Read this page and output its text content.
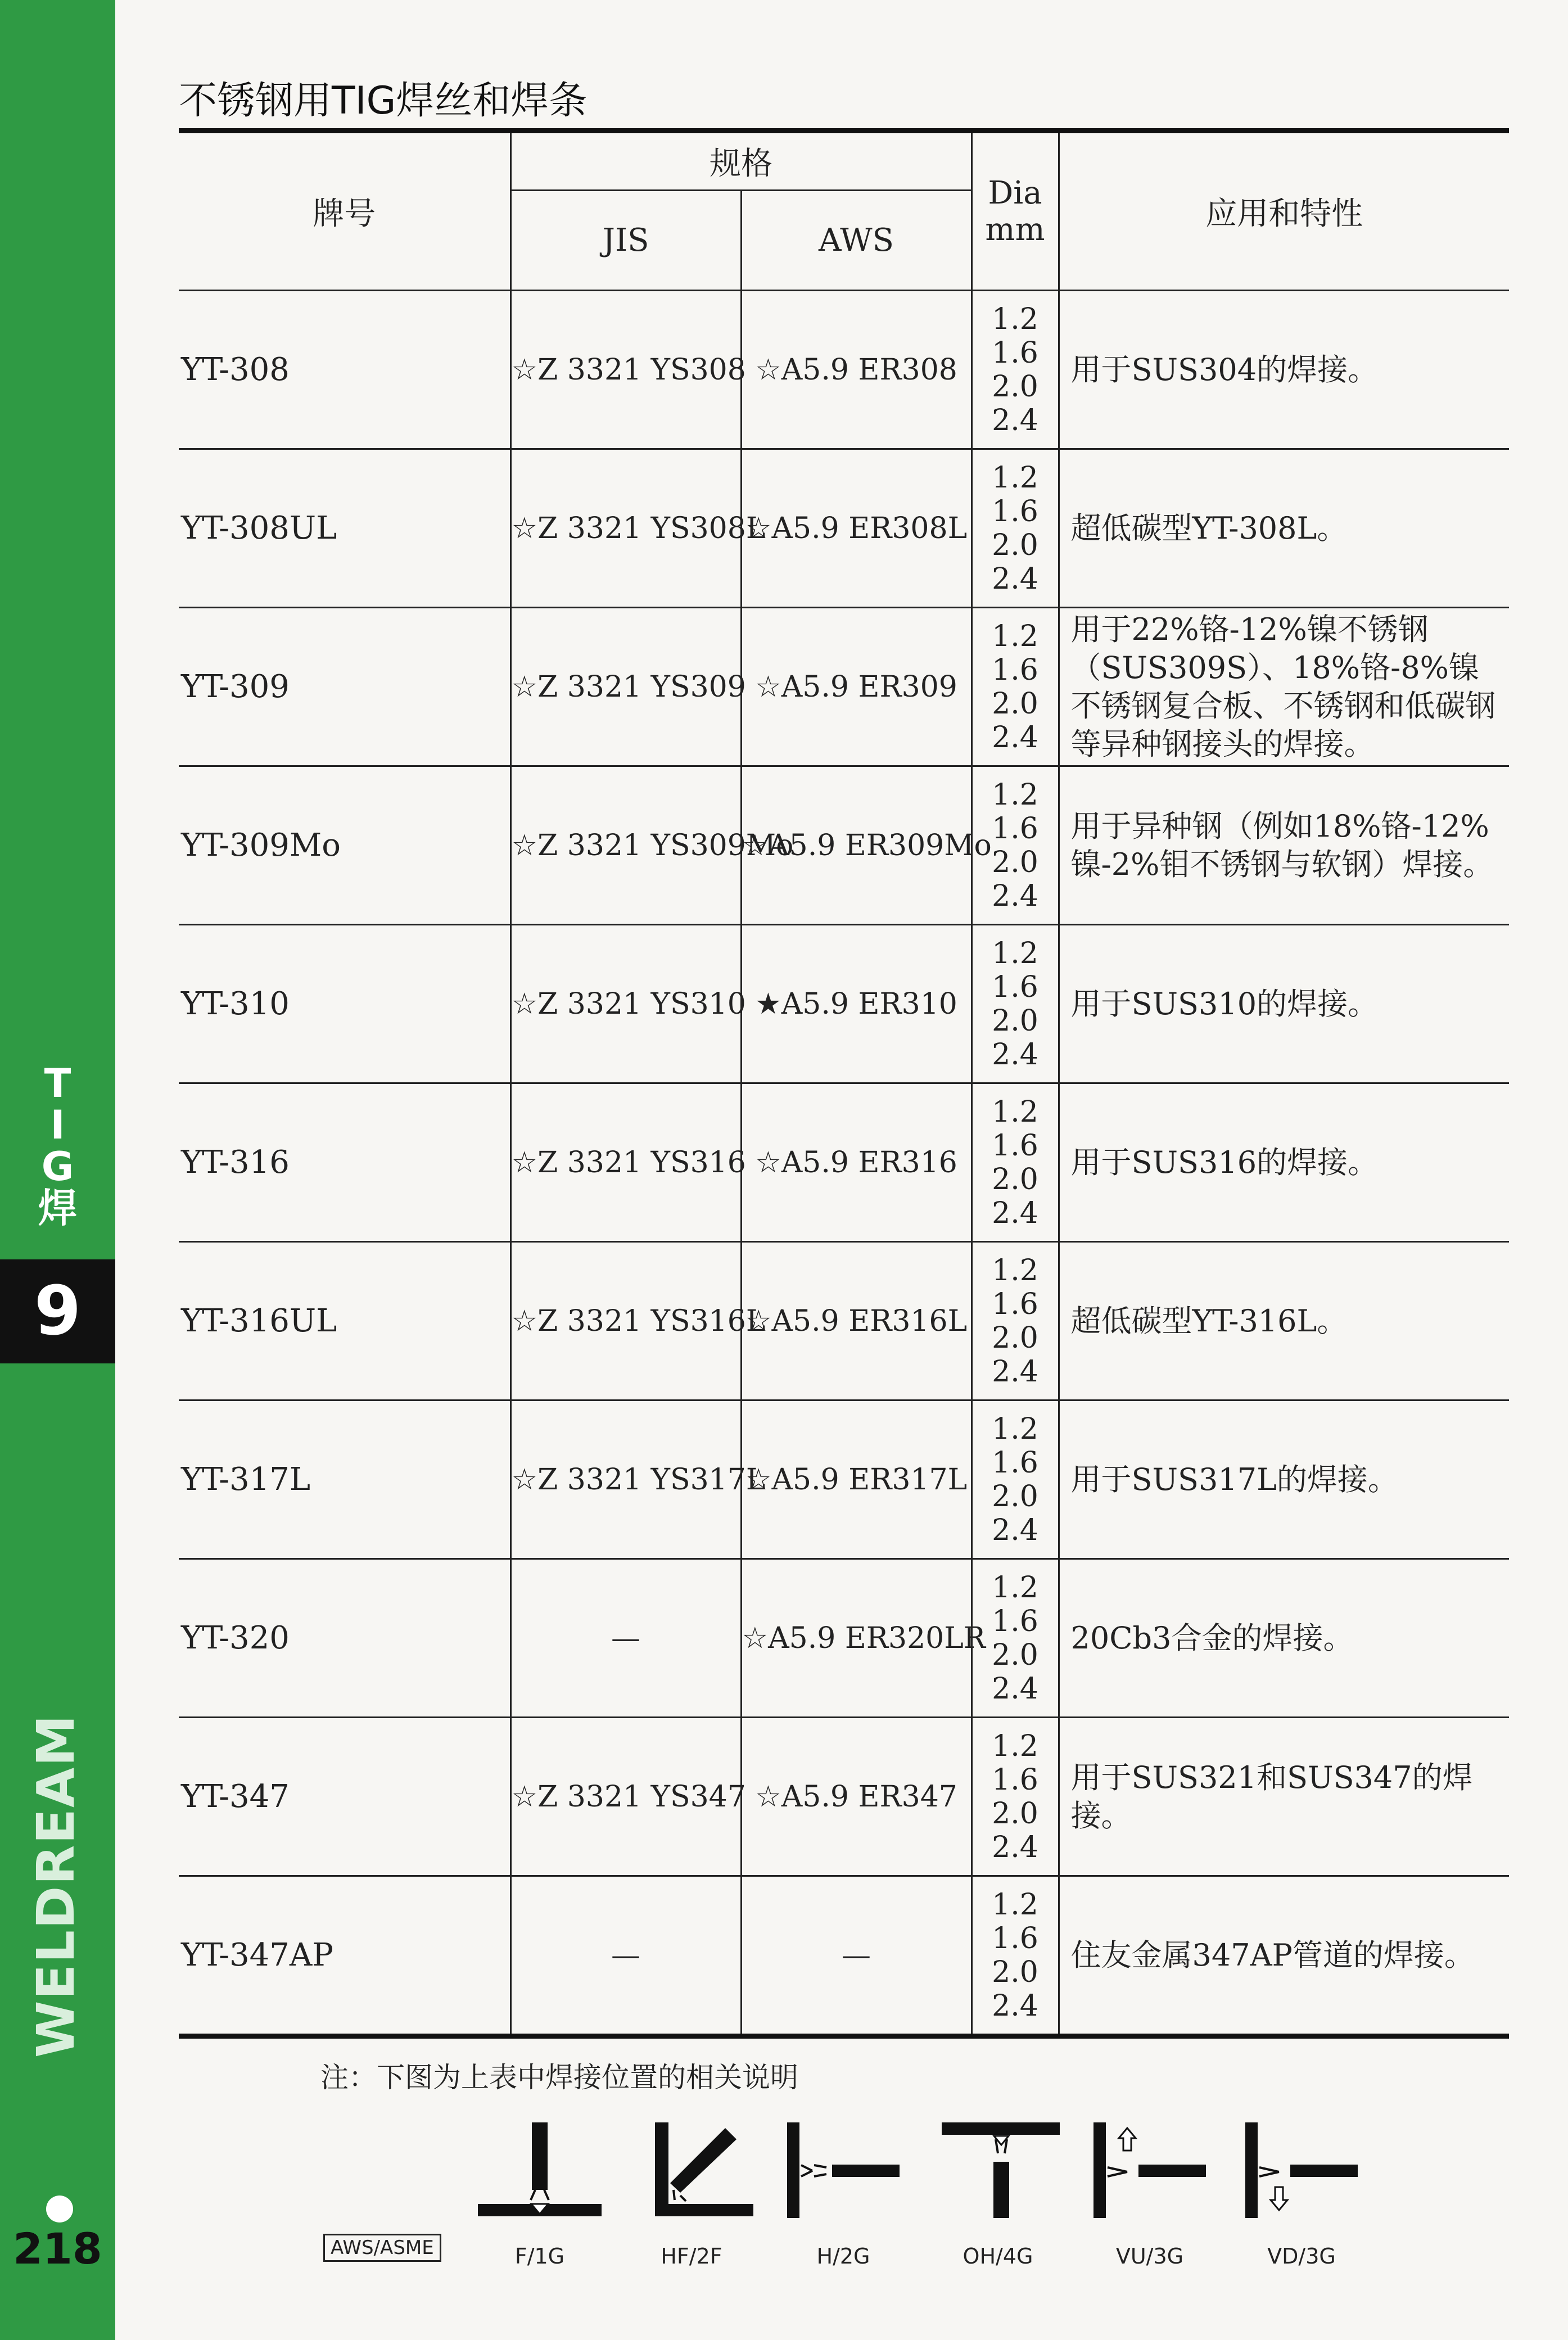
T
I
G
焊
9
WELDREAM
218
不锈钢用TIG焊丝和焊条
牌号	规格		Dia
mm	应用和特性
	JIS	AWS		
YT-308	☆Z 3321 YS308	☆A5.9 ER308	1.2 1.6 2.0 2.4	用于SUS304的焊接。
YT-308UL	☆Z 3321 YS308L	☆A5.9 ER308L	1.2 1.6 2.0 2.4	超低碳型YT-308L。
YT-309	☆Z 3321 YS309	☆A5.9 ER309	1.2 1.6 2.0 2.4	用于22%铬-12%镍不锈钢（SUS309S）、18%铬-8%镍不锈钢复合板、不锈钢和低碳钢等异种钢接头的焊接。
YT-309Mo	☆Z 3321 YS309Mo	☆A5.9 ER309Mo	1.2 1.6 2.0 2.4	用于异种钢（例如18%铬-12%镍-2%钼不锈钢与软钢）焊接。
YT-310	☆Z 3321 YS310	★A5.9 ER310	1.2 1.6 2.0 2.4	用于SUS310的焊接。
YT-316	☆Z 3321 YS316	☆A5.9 ER316	1.2 1.6 2.0 2.4	用于SUS316的焊接。
YT-316UL	☆Z 3321 YS316L	☆A5.9 ER316L	1.2 1.6 2.0 2.4	超低碳型YT-316L。
YT-317L	☆Z 3321 YS317L	☆A5.9 ER317L	1.2 1.6 2.0 2.4	用于SUS317L的焊接。
YT-320	—	☆A5.9 ER320LR	1.2 1.6 2.0 2.4	20Cb3合金的焊接。
YT-347	☆Z 3321 YS347	☆A5.9 ER347	1.2 1.6 2.0 2.4	用于SUS321和SUS347的焊接。
YT-347AP	—	—	1.2 1.6 2.0 2.4	住友金属347AP管道的焊接。
注：下图为上表中焊接位置的相关说明
AWS/ASME	F/1G	HF/2F	H/2G	OH/4G	VU/3G	VD/3G
